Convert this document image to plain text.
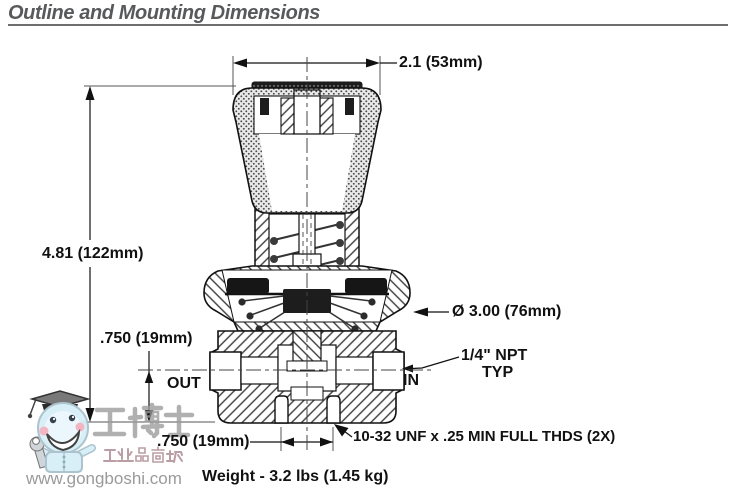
Outline and Mounting Dimensions
2.1 (53mm)
4.81 (122mm)
.750 (19mm)
OUT	IN
Ø 3.00 (76mm)
1/4" NPT
TYP
.750 (19mm)	10-32 UNF x .25 MIN FULL THDS (2X)
Weight - 3.2 lbs (1.45 kg)
www.gongboshi.com
